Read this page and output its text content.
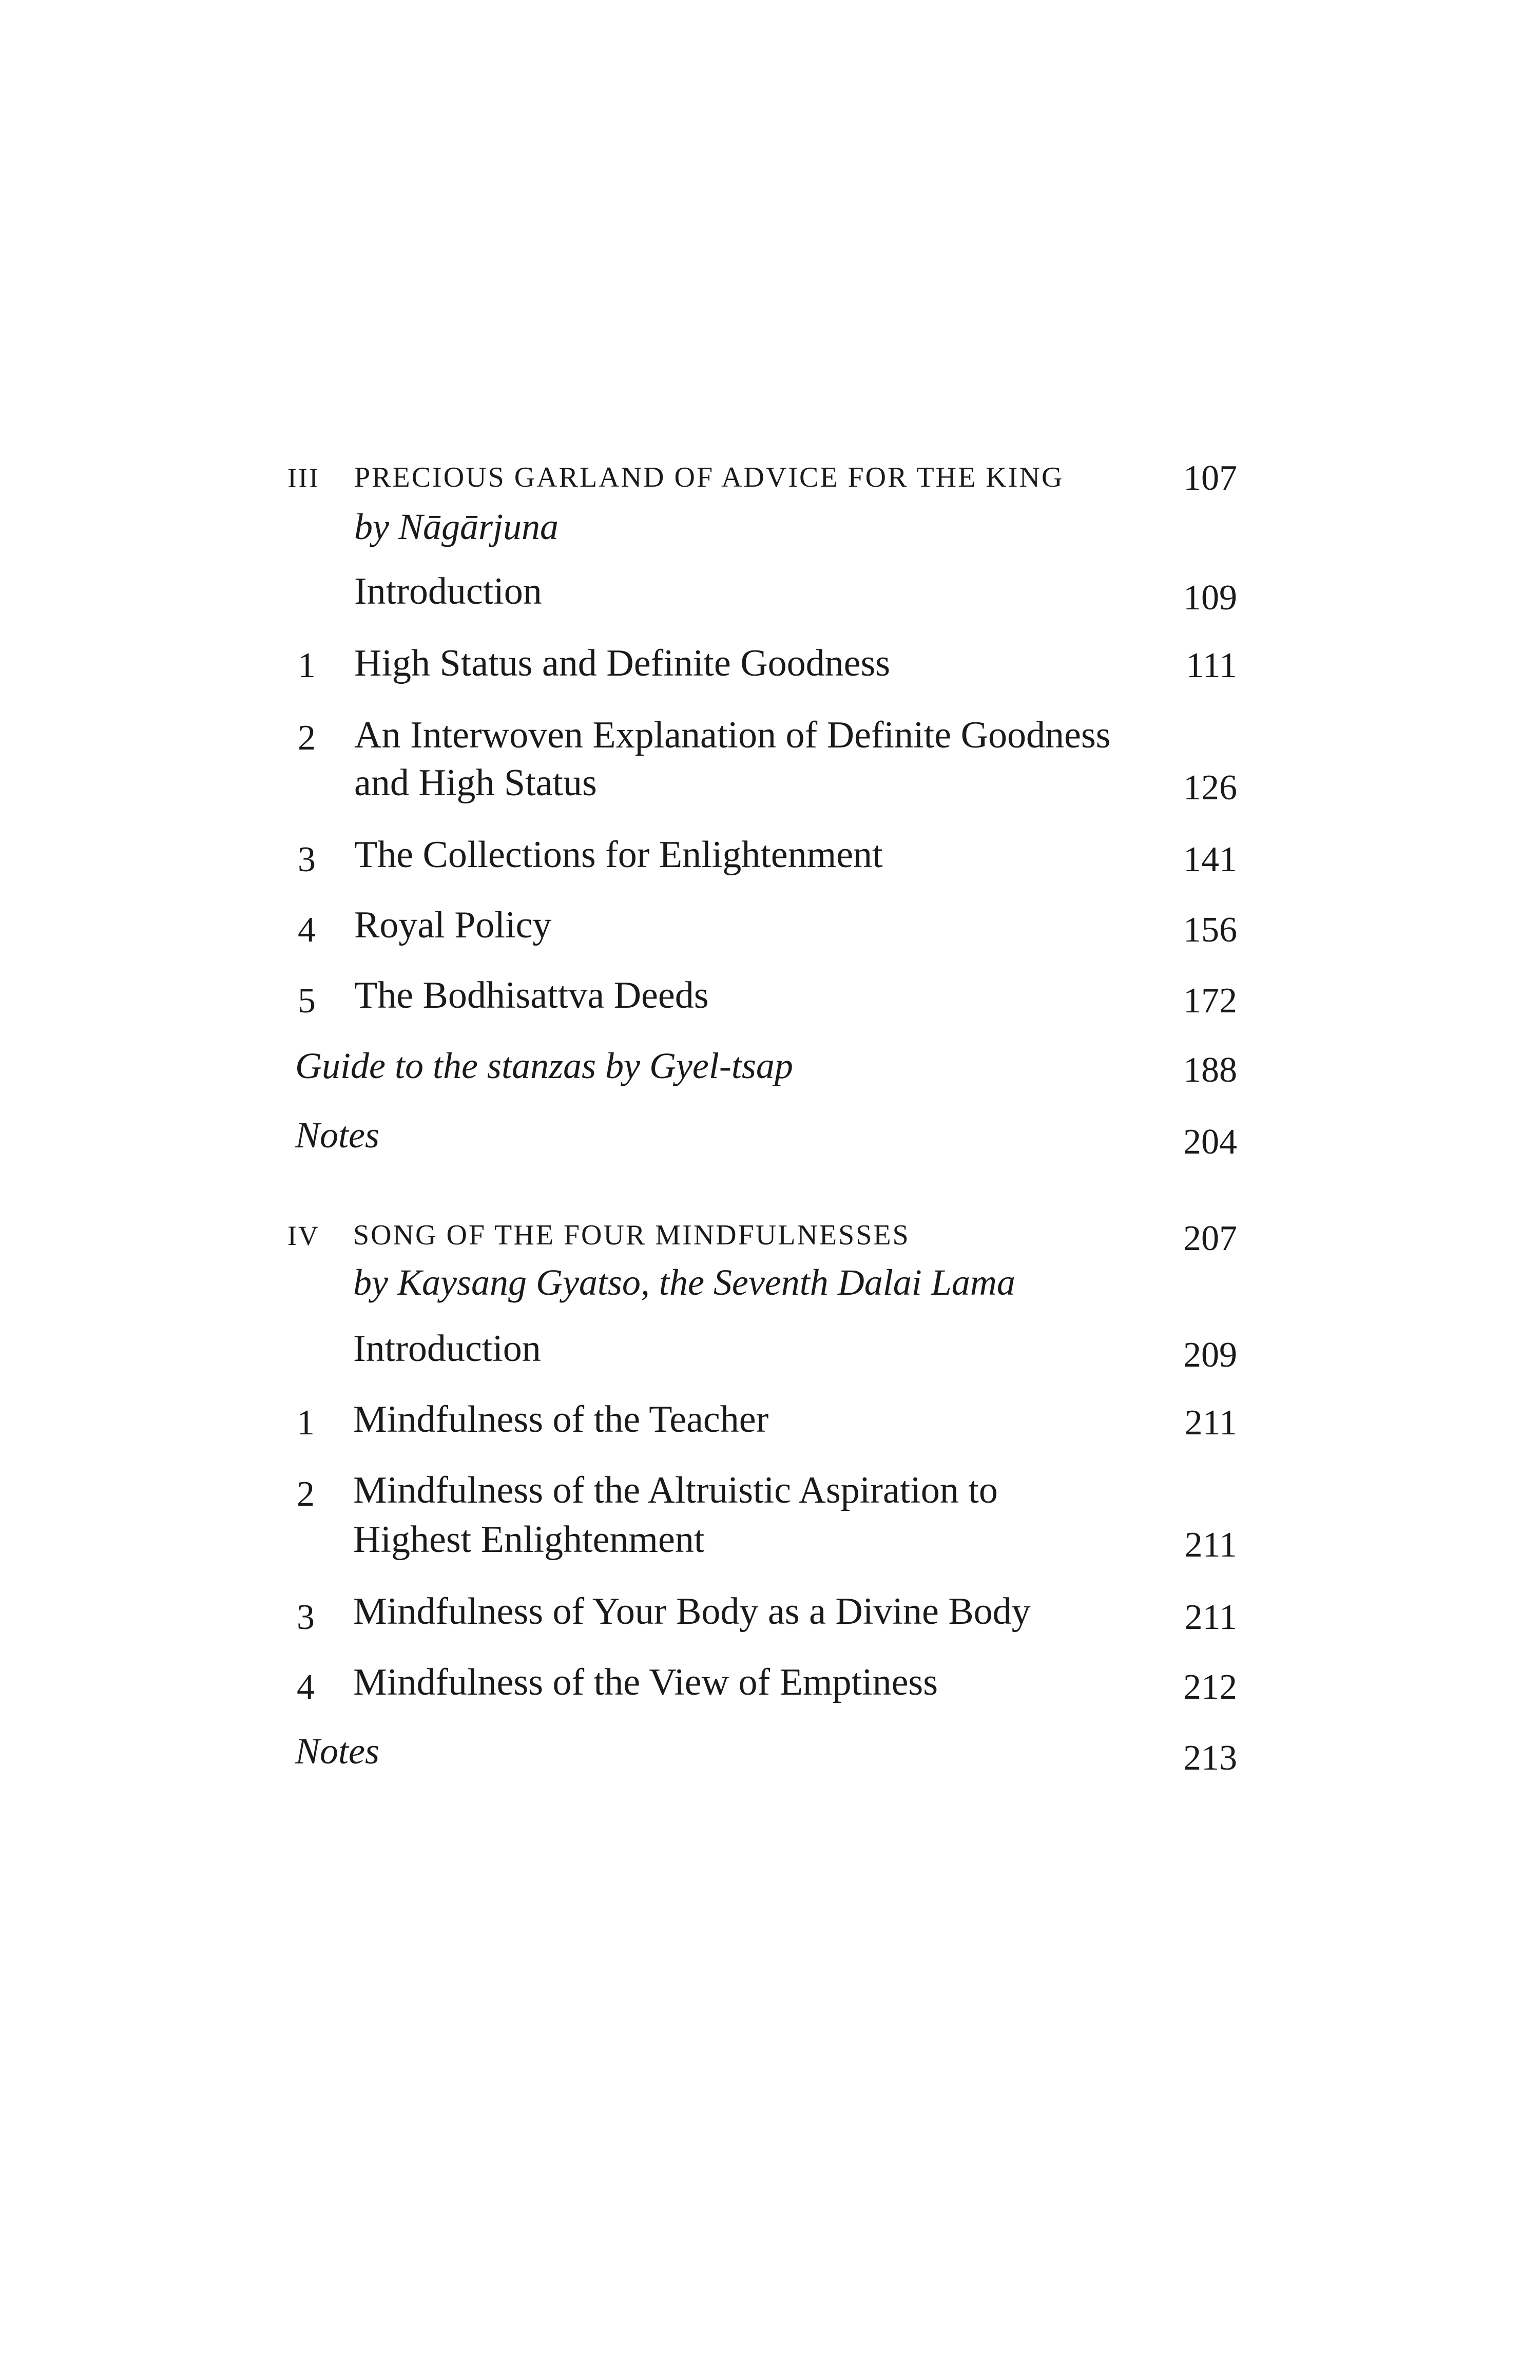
III PRECIOUS GARLAND OF ADVICE FOR THE KING	107
by Nāgārjuna
Introduction	109
1 High Status and Definite Goodness	111
2 An Interwoven Explanation of Definite Goodness
and High Status	126
3 The Collections for Enlightenment	141
4 Royal Policy	156
5 The Bodhisattva Deeds	172
Guide to the stanzas by Gyel-tsap	188
Notes	204
IV SONG OF THE FOUR MINDFULNESSES	207
by Kaysang Gyatso, the Seventh Dalai Lama
Introduction	209
1 Mindfulness of the Teacher	211
2 Mindfulness of the Altruistic Aspiration to
Highest Enlightenment	211
3 Mindfulness of Your Body as a Divine Body	211
4 Mindfulness of the View of Emptiness	212
Notes	213
